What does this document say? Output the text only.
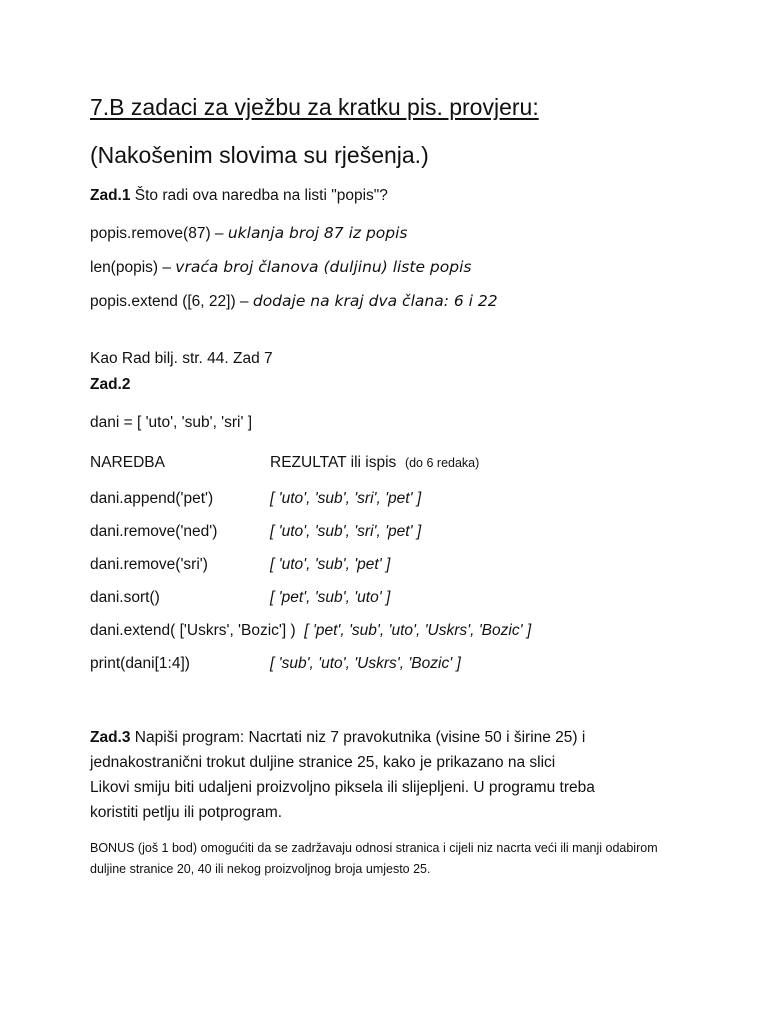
7.B zadaci za vježbu za kratku pis. provjeru:
(Nakošenim slovima su rješenja.)
Zad.1 Što radi ova naredba na listi "popis"?
popis.remove(87) – uklanja broj 87 iz popis
len(popis) – vraća broj članova (duljinu) liste popis
popis.extend ([6, 22]) – dodaje na kraj dva člana: 6 i 22
Kao Rad bilj. str. 44. Zad 7
Zad.2
dani = [ 'uto', 'sub', 'sri' ]
NAREDBA	REZULTAT ili ispis (do 6 redaka)
dani.append('pet')	[ 'uto', 'sub', 'sri', 'pet' ]
dani.remove('ned')	[ 'uto', 'sub', 'sri', 'pet' ]
dani.remove('sri')	[ 'uto', 'sub', 'pet' ]
dani.sort()	[ 'pet', 'sub', 'uto' ]
dani.extend( ['Uskrs', 'Bozic'] ) [ 'pet', 'sub', 'uto', 'Uskrs', 'Bozic' ]
print(dani[1:4])	[ 'sub', 'uto', 'Uskrs', 'Bozic' ]
Zad.3 Napiši program: Nacrtati niz 7 pravokutnika (visine 50 i širine 25) i
jednakostranični trokut duljine stranice 25, kako je prikazano na slici
Likovi smiju biti udaljeni proizvoljno piksela ili slijepljeni. U programu treba
koristiti petlju ili potprogram.
BONUS (još 1 bod) omogućiti da se zadržavaju odnosi stranica i cijeli niz nacrta veći ili manji odabirom
duljine stranice 20, 40 ili nekog proizvoljnog broja umjesto 25.
